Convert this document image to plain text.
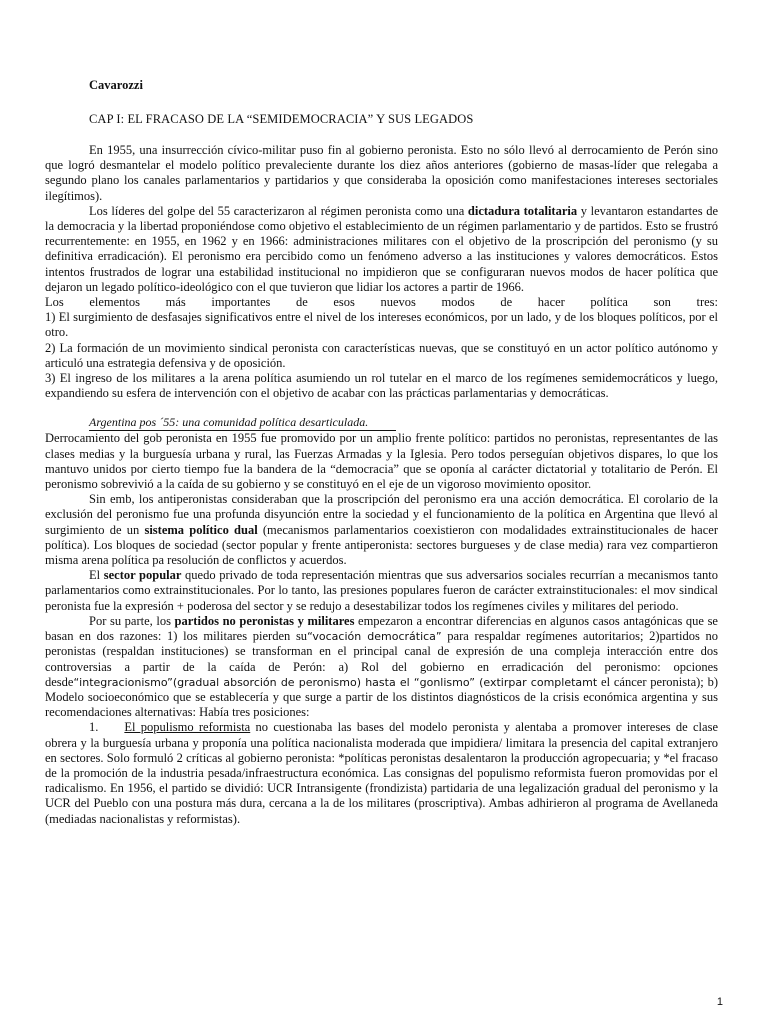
Cavarozzi
CAP I: EL FRACASO DE LA “SEMIDEMOCRACIA” Y SUS LEGADOS

En 1955, una insurrección cívico-militar puso fin al gobierno peronista. Esto no sólo llevó al derrocamiento de Perón sino que logró desmantelar el modelo político prevaleciente durante los diez años anteriores (gobierno de masas-líder que relegaba a segundo plano los canales parlamentarios y partidarios y que consideraba la oposición como manifestaciones intereses sectoriales ilegítimos).

Los líderes del golpe del 55 caracterizaron al régimen peronista como una dictadura totalitaria y levantaron estandartes de la democracia y la libertad proponiéndose como objetivo el establecimiento de un régimen parlamentario y de partidos. Esto se frustró recurrentemente: en 1955, en 1962 y en 1966: administraciones militares con el objetivo de la proscripción del peronismo (y su definitiva erradicación). El peronismo era percibido como un fenómeno adverso a las instituciones y valores democráticos. Estos intentos frustrados de lograr una estabilidad institucional no impidieron que se configuraran nuevos modos de hacer política que dejaron un legado político-ideológico con el que tuvieron que lidiar los actores a partir de 1966.

Los elementos más importantes de esos nuevos modos de hacer política son tres:

1) El surgimiento de desfasajes significativos entre el nivel de los intereses económicos, por un lado, y de los bloques políticos, por el otro.

2) La formación de un movimiento sindical peronista con características nuevas, que se constituyó en un actor político autónomo y articuló una estrategia defensiva y de oposición.

3) El ingreso de los militares a la arena política asumiendo un rol tutelar en el marco de los regímenes semidemocráticos y luego, expandiendo su esfera de intervención con el objetivo de acabar con las prácticas parlamentarias y democráticas.

Argentina pos ´55: una comunidad política desarticulada.

Derrocamiento del gob peronista en 1955 fue promovido por un amplio frente político: partidos no peronistas, representantes de las clases medias y la burguesía urbana y rural, las Fuerzas Armadas y la Iglesia. Pero todos perseguían objetivos dispares, lo que los mantuvo unidos por cierto tiempo fue la bandera de la “democracia” que se oponía al carácter dictatorial y totalitario de Perón. El peronismo sobrevivió a la caída de su gobierno y se constituyó en el eje de un vigoroso movimiento opositor.

Sin emb, los antiperonistas consideraban que la proscripción del peronismo era una acción democrática. El corolario de la exclusión del peronismo fue una profunda disyunción entre la sociedad y el funcionamiento de la política en Argentina que llevó al surgimiento de un sistema político dual (mecanismos parlamentarios coexistieron con modalidades extrainstitucionales de hacer política). Los bloques de sociedad (sector popular y frente antiperonista: sectores burgueses y de clase media) rara vez compartieron misma arena política pa resolución de conflictos y acuerdos.

El sector popular quedo privado de toda representación mientras que sus adversarios sociales recurrían a mecanismos tanto parlamentarios como extrainstitucionales. Por lo tanto, las presiones populares fueron de carácter extrainstitucionales: el mov sindical peronista fue la expresión + poderosa del sector y se redujo a desestabilizar todos los regímenes civiles y militares del periodo.

Por su parte, los partidos no peronistas y militares empezaron a encontrar diferencias en algunos casos antagónicas que se basan en dos razones: 1) los militares pierden su“vocación democrática” para respaldar regímenes autoritarios; 2)partidos no peronistas (respaldan instituciones) se transforman en el principal canal de expresión de una compleja interacción entre dos controversias a partir de la caída de Perón: a) Rol del gobierno en erradicación del peronismo: opciones desde“integracionismo”(gradual absorción de peronismo) hasta el “gonlismo” (extirpar completamt el cáncer peronista); b) Modelo socioeconómico que se establecería y que surge a partir de los distintos diagnósticos de la crisis económica argentina y sus recomendaciones alternativas: Había tres posiciones:

1. El populismo reformista no cuestionaba las bases del modelo peronista y alentaba a promover intereses de clase obrera y la burguesía urbana y proponía una política nacionalista moderada que impidiera/ limitara la presencia del capital extranjero en sectores. Solo formuló 2 críticas al gobierno peronista: *políticas peronistas desalentaron la producción agropecuaria; y *el fracaso de la promoción de la industria pesada/infraestructura económica. Las consignas del populismo reformista fueron promovidas por el radicalismo. En 1956, el partido se dividió: UCR Intransigente (frondizista) partidaria de una legalización gradual del peronismo y la UCR del Pueblo con una postura más dura, cercana a la de los militares (proscriptiva). Ambas adhirieron al programa de Avellaneda (mediadas nacionalistas y reformistas).

1
